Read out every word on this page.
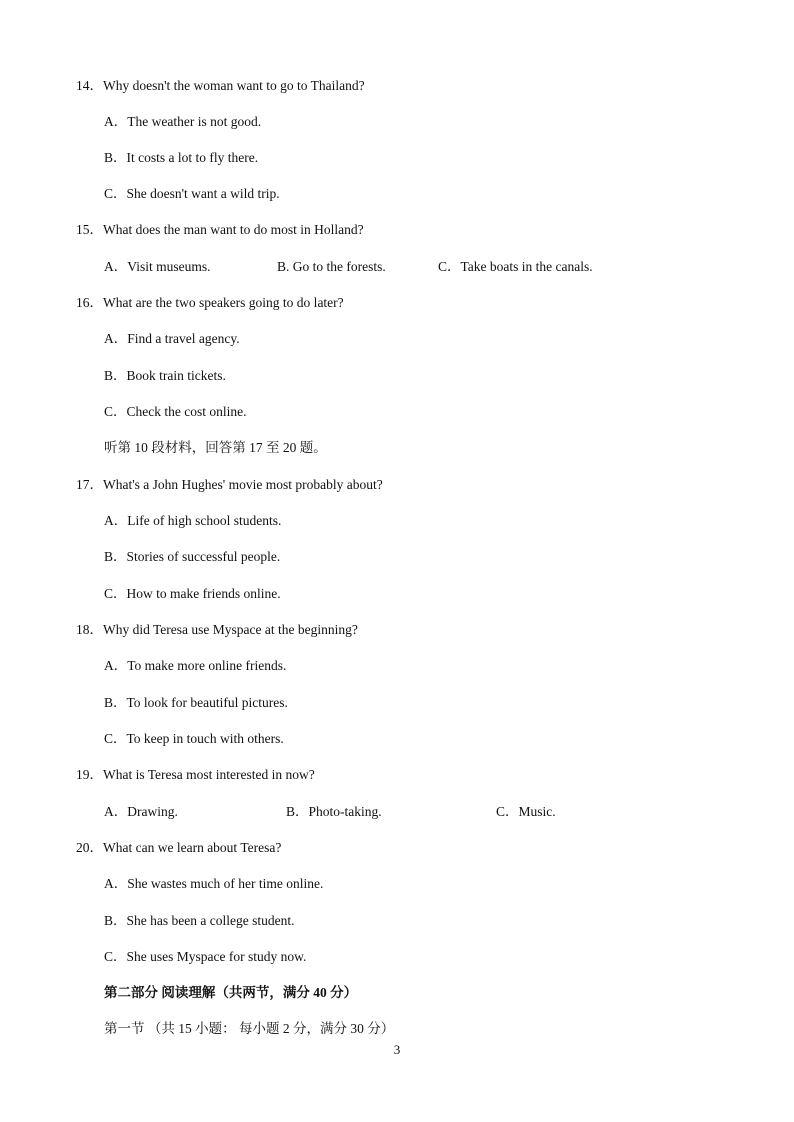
14．Why doesn't the woman want to go to Thailand?
A．The weather is not good.
B．It costs a lot to fly there.
C．She doesn't want a wild trip.
15．What does the man want to do most in Holland?
A．Visit museums.	B. Go to the forests.	C．Take boats in the canals.
16．What are the two speakers going to do later?
A．Find a travel agency.
B．Book train tickets.
C．Check the cost online.
听第 10 段材料，回答第 17 至 20 题。
17．What's a John Hughes' movie most probably about?
A．Life of high school students.
B．Stories of successful people.
C．How to make friends online.
18．Why did Teresa use Myspace at the beginning?
A．To make more online friends.
B．To look for beautiful pictures.
C．To keep in touch with others.
19．What is Teresa most interested in now?
A．Drawing.	B．Photo-taking.	C．Music.
20．What can we learn about Teresa?
A．She wastes much of her time online.
B．She has been a college student.
C．She uses Myspace for study now.
第二部分 阅读理解（共两节，满分 40 分）
第一节 （共 15 小题： 每小题 2 分，满分 30 分）
3
